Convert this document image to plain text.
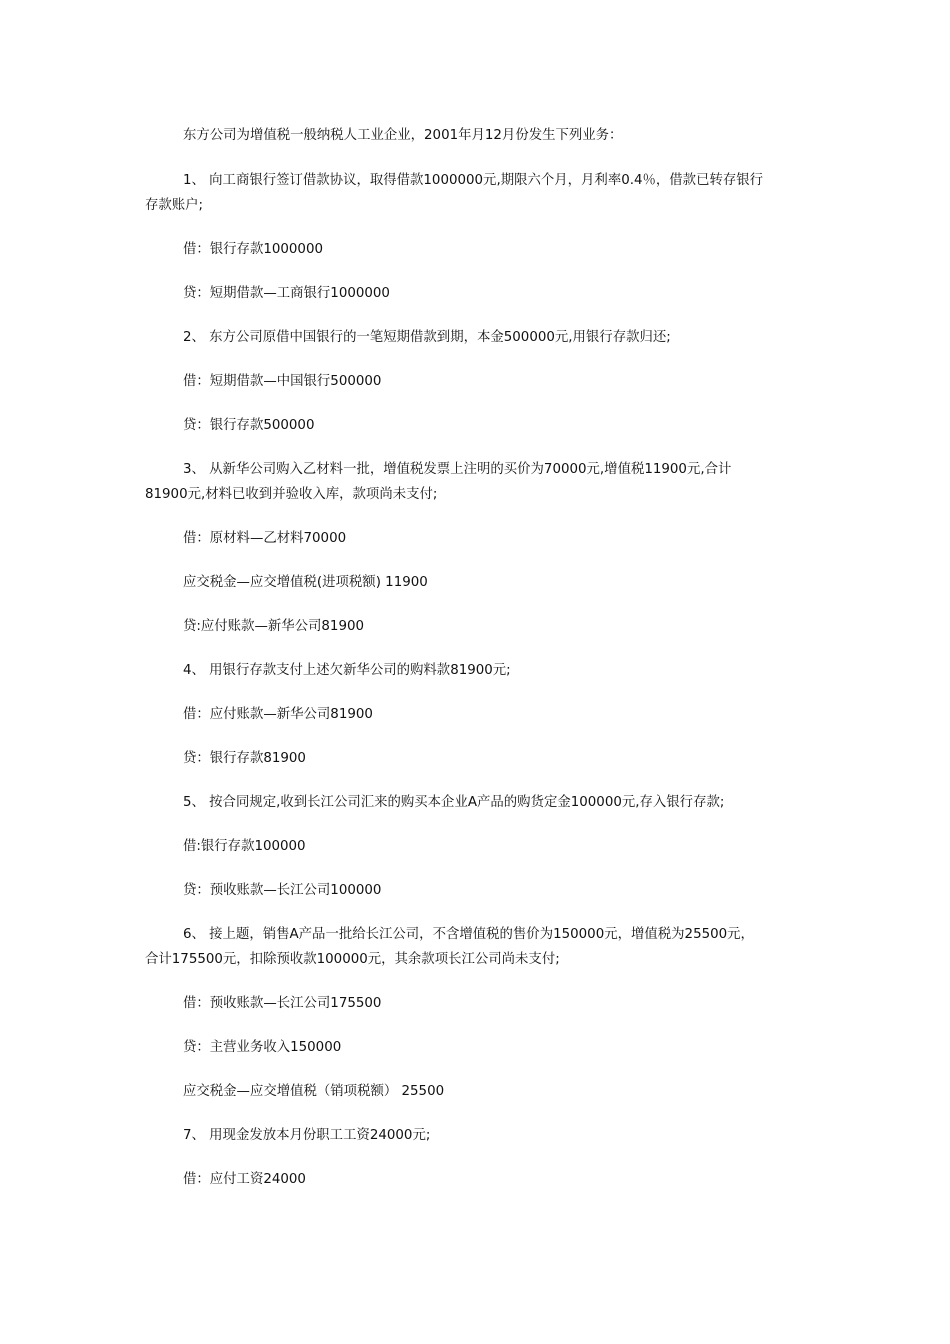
东方公司为增值税一般纳税人工业企业，2001年月12月份发生下列业务：
1、 向工商银行签订借款协议，取得借款1000000元,期限六个月，月利率0.4％，借款已转存银行
存款账户;
借：银行存款1000000
贷：短期借款—工商银行1000000
2、 东方公司原借中国银行的一笔短期借款到期，本金500000元,用银行存款归还;
借：短期借款—中国银行500000
贷：银行存款500000
3、 从新华公司购入乙材料一批，增值税发票上注明的买价为70000元,增值税11900元,合计
81900元,材料已收到并验收入库，款项尚未支付;
借：原材料—乙材料70000
应交税金—应交增值税(进项税额) 11900
贷:应付账款—新华公司81900
4、 用银行存款支付上述欠新华公司的购料款81900元;
借：应付账款—新华公司81900
贷：银行存款81900
5、 按合同规定,收到长江公司汇来的购买本企业A产品的购货定金100000元,存入银行存款;
借:银行存款100000
贷：预收账款—长江公司100000
6、 接上题，销售A产品一批给长江公司，不含增值税的售价为150000元，增值税为25500元，
合计175500元，扣除预收款100000元，其余款项长江公司尚未支付;
借：预收账款—长江公司175500
贷：主营业务收入150000
应交税金—应交增值税（销项税额） 25500
7、 用现金发放本月份职工工资24000元;
借：应付工资24000
